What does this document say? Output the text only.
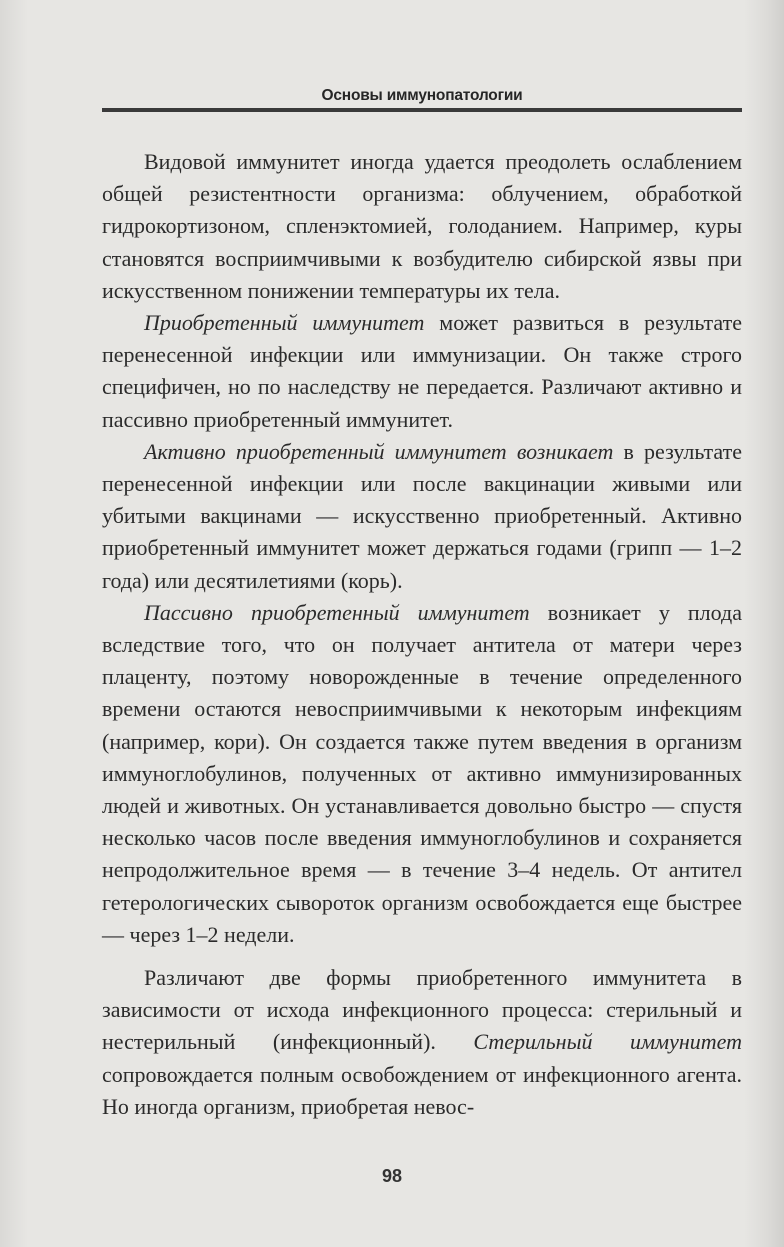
Основы иммунопатологии

Видовой иммунитет иногда удается преодолеть ослаблением общей резистентности организма: облучением, обработкой гидрокортизоном, спленэктомией, голоданием. Например, куры становятся восприимчивыми к возбудителю сибирской язвы при искусственном понижении температуры их тела.

Приобретенный иммунитет может развиться в результате перенесенной инфекции или иммунизации. Он также строго специфичен, но по наследству не передается. Различают активно и пассивно приобретенный иммунитет.

Активно приобретенный иммунитет возникает в результате перенесенной инфекции или после вакцинации живыми или убитыми вакцинами — искусственно приобретенный. Активно приобретенный иммунитет может держаться годами (грипп — 1–2 года) или десятилетиями (корь).

Пассивно приобретенный иммунитет возникает у плода вследствие того, что он получает антитела от матери через плаценту, поэтому новорожденные в течение определенного времени остаются невосприимчивыми к некоторым инфекциям (например, кори). Он создается также путем введения в организм иммуноглобулинов, полученных от активно иммунизированных людей и животных. Он устанавливается довольно быстро — спустя несколько часов после введения иммуноглобулинов и сохраняется непродолжительное время — в течение 3–4 недель. От антител гетерологических сывороток организм освобождается еще быстрее — через 1–2 недели.

Различают две формы приобретенного иммунитета в зависимости от исхода инфекционного процесса: стерильный и нестерильный (инфекционный). Стерильный иммунитет сопровождается полным освобождением от инфекционного агента. Но иногда организм, приобретая невос-

98
